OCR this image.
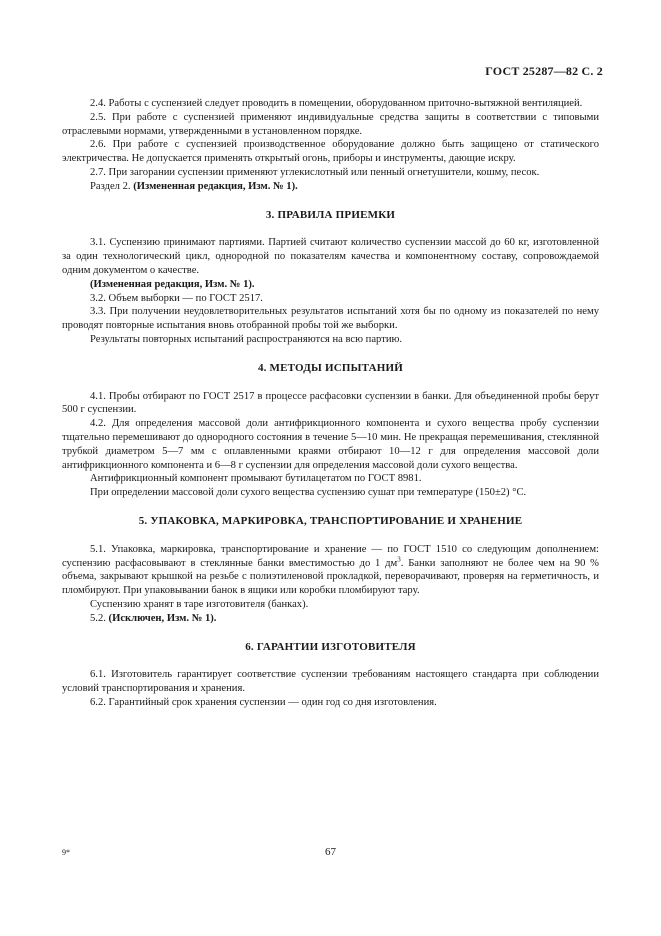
ГОСТ 25287—82 С. 2

2.4. Работы с суспензией следует проводить в помещении, оборудованном приточно-вытяжной вентиляцией.

2.5. При работе с суспензией применяют индивидуальные средства защиты в соответствии с типовыми отраслевыми нормами, утвержденными в установленном порядке.

2.6. При работе с суспензией производственное оборудование должно быть защищено от статического электричества. Не допускается применять открытый огонь, приборы и инструменты, дающие искру.

2.7. При загорании суспензии применяют углекислотный или пенный огнетушители, кошму, песок.

Раздел 2. (Измененная редакция, Изм. № 1).

3. ПРАВИЛА ПРИЕМКИ

3.1. Суспензию принимают партиями. Партией считают количество суспензии массой до 60 кг, изготовленной за один технологический цикл, однородной по показателям качества и компонентному составу, сопровождаемой одним документом о качестве.

(Измененная редакция, Изм. № 1).

3.2. Объем выборки — по ГОСТ 2517.

3.3. При получении неудовлетворительных результатов испытаний хотя бы по одному из показателей по нему проводят повторные испытания вновь отобранной пробы той же выборки.

Результаты повторных испытаний распространяются на всю партию.

4. МЕТОДЫ ИСПЫТАНИЙ

4.1. Пробы отбирают по ГОСТ 2517 в процессе расфасовки суспензии в банки. Для объединенной пробы берут 500 г суспензии.

4.2. Для определения массовой доли антифрикционного компонента и сухого вещества пробу суспензии тщательно перемешивают до однородного состояния в течение 5—10 мин. Не прекращая перемешивания, стеклянной трубкой диаметром 5—7 мм с оплавленными краями отбирают 10—12 г для определения массовой доли антифрикционного компонента и 6—8 г суспензии для определения массовой доли сухого вещества.

Антифрикционный компонент промывают бутилацетатом по ГОСТ 8981.

При определении массовой доли сухого вещества суспензию сушат при температуре (150±2) °С.

5. УПАКОВКА, МАРКИРОВКА, ТРАНСПОРТИРОВАНИЕ И ХРАНЕНИЕ

5.1. Упаковка, маркировка, транспортирование и хранение — по ГОСТ 1510 со следующим дополнением: суспензию расфасовывают в стеклянные банки вместимостью до 1 $дм^3$. Банки заполняют не более чем на 90 % объема, закрывают крышкой на резьбе с полиэтиленовой прокладкой, переворачивают, проверяя на герметичность, и пломбируют. При упаковывании банок в ящики или коробки пломбируют тару.

Суспензию хранят в таре изготовителя (банках).

5.2. (Исключен, Изм. № 1).

6. ГАРАНТИИ ИЗГОТОВИТЕЛЯ

6.1. Изготовитель гарантирует соответствие суспензии требованиям настоящего стандарта при соблюдении условий транспортирования и хранения.

6.2. Гарантийный срок хранения суспензии — один год со дня изготовления.

9*	67
